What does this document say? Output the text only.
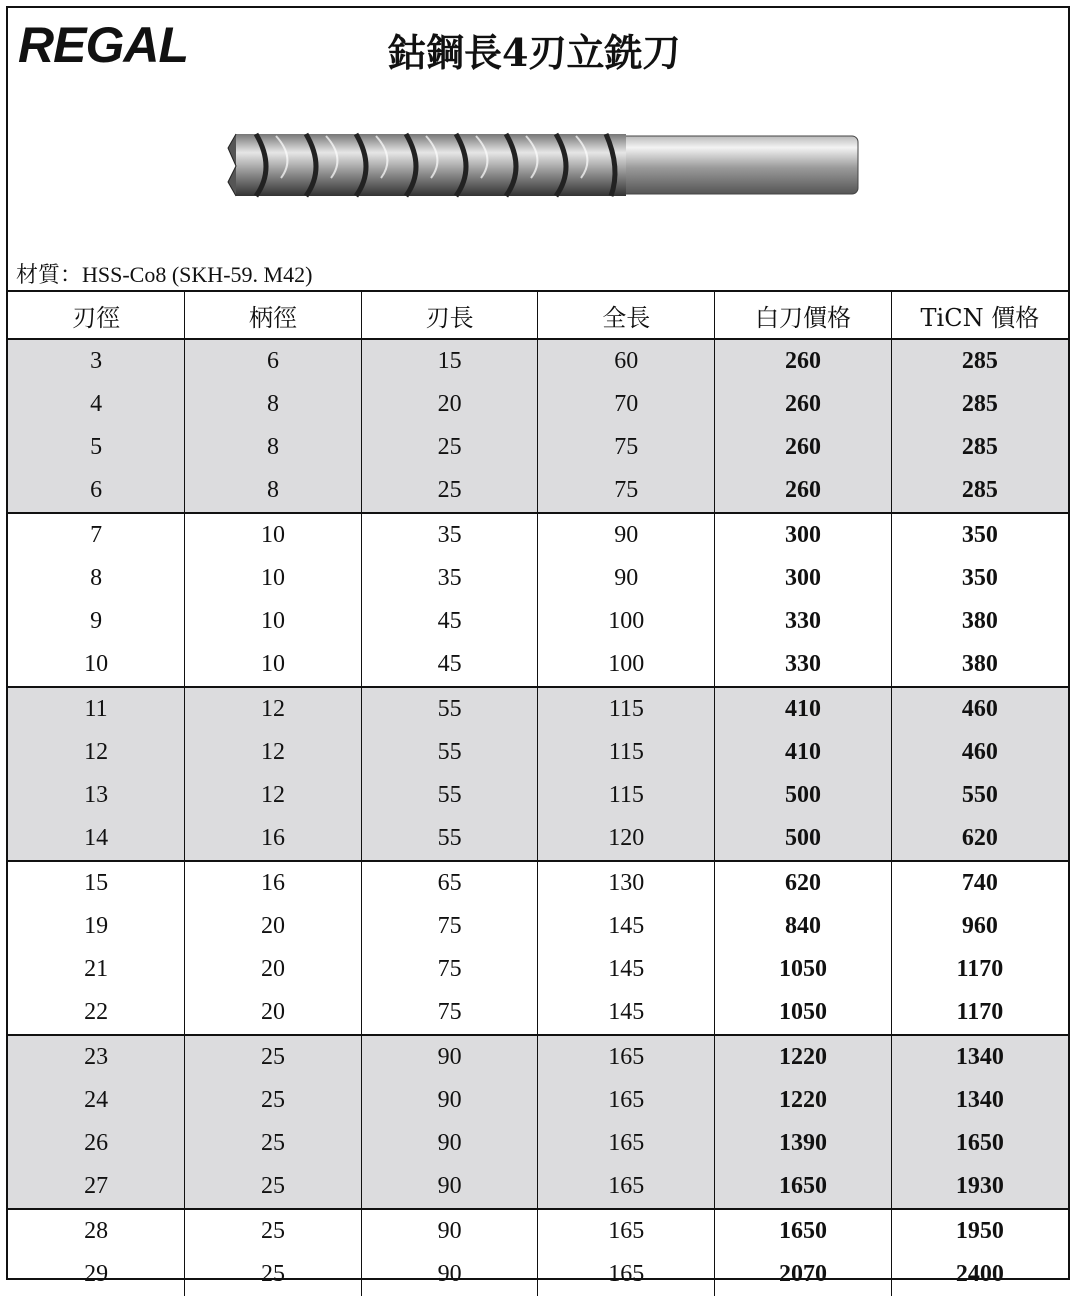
REGAL	鈷鋼長4刃立銑刀
材質：HSS-Co8 (SKH-59. M42)
刃徑	柄徑	刃長	全長	白刀價格	TiCN 價格
3	6	15	60	260	285
4	8	20	70	260	285
5	8	25	75	260	285
6	8	25	75	260	285
7	10	35	90	300	350
8	10	35	90	300	350
9	10	45	100	330	380
10	10	45	100	330	380
11	12	55	115	410	460
12	12	55	115	410	460
13	12	55	115	500	550
14	16	55	120	500	620
15	16	65	130	620	740
19	20	75	145	840	960
21	20	75	145	1050	1170
22	20	75	145	1050	1170
23	25	90	165	1220	1340
24	25	90	165	1220	1340
26	25	90	165	1390	1650
27	25	90	165	1650	1930
28	25	90	165	1650	1950
29	25	90	165	2070	2400
